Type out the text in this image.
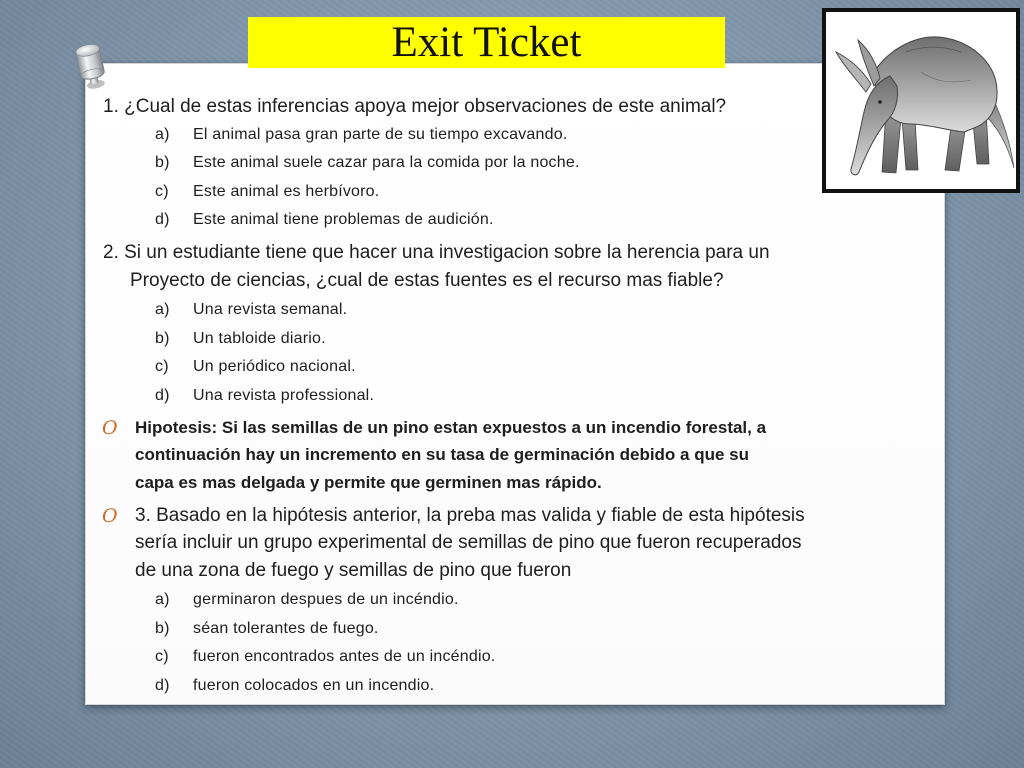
Exit Ticket
1. ¿Cual de estas inferencias apoya mejor observaciones de este animal?
a) El animal pasa gran parte de su tiempo excavando.
b) Este animal suele cazar para la comida por la noche.
c) Este animal es herbívoro.
d) Este animal tiene problemas de audición.
2. Si un estudiante tiene que hacer una investigacion sobre la herencia para un
Proyecto de ciencias, ¿cual de estas fuentes es el recurso mas fiable?
a) Una revista semanal.
b) Un tabloide diario.
c) Un periódico nacional.
d) Una revista professional.
O Hipotesis: Si las semillas de un pino estan expuestos a un incendio forestal, a
continuación hay un incremento en su tasa de germinación debido a que su
capa es mas delgada y permite que germinen mas rápido.
O 3. Basado en la hipótesis anterior, la preba mas valida y fiable de esta hipótesis
sería incluir un grupo experimental de semillas de pino que fueron recuperados
de una zona de fuego y semillas de pino que fueron
a) germinaron despues de un incéndio.
b) séan tolerantes de fuego.
c) fueron encontrados antes de un incéndio.
d) fueron colocados en un incendio.
